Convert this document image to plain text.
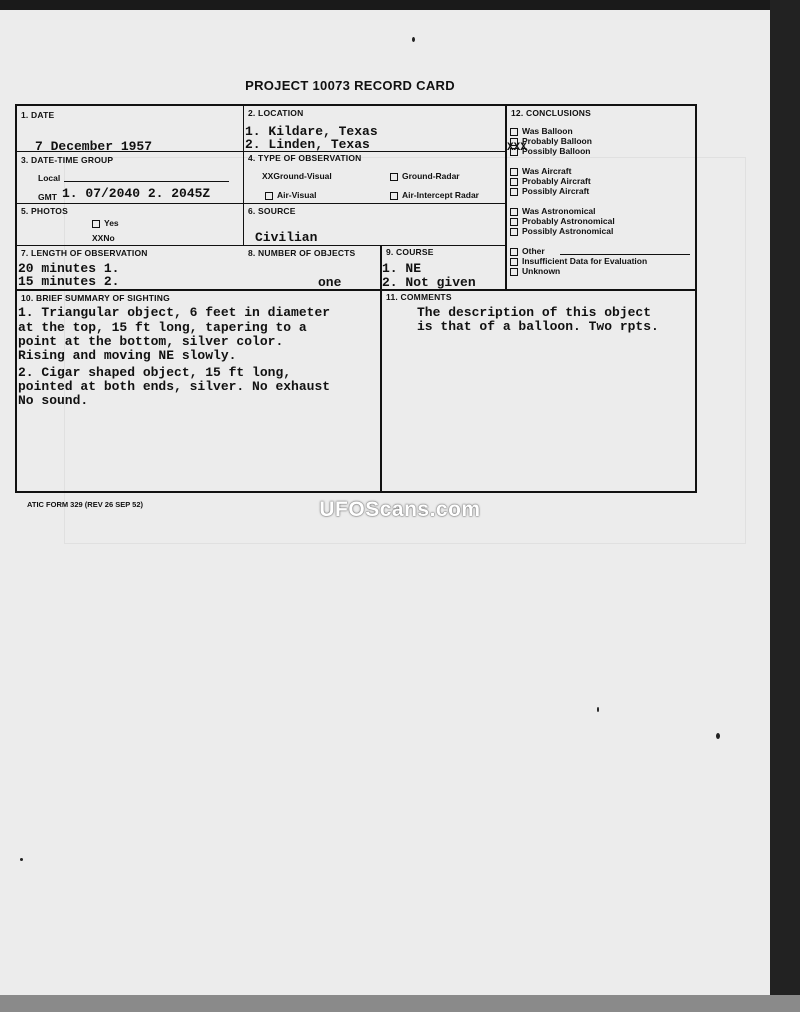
PROJECT 10073 RECORD CARD
1. DATE
7 December 1957
2. LOCATION
1. Kildare, Texas
2. Linden, Texas
3. DATE-TIME GROUP
Local
GMT 1. 07/2040 2. 2045Z
4. TYPE OF OBSERVATION
XXGround-Visual	Ground-Radar
Air-Visual	Air-Intercept Radar
5. PHOTOS
Yes
XXNo
6. SOURCE
Civilian
7. LENGTH OF OBSERVATION
20 minutes 1.
15 minutes 2.
8. NUMBER OF OBJECTS
one
9. COURSE
1. NE
2. Not given
10. BRIEF SUMMARY OF SIGHTING
1. Triangular object, 6 feet in diameter
at the top, 15 ft long, tapering to a
point at the bottom, silver color.
Rising and moving NE slowly.
2. Cigar shaped object, 15 ft long,
pointed at both ends, silver. No exhaust
No sound.
11. COMMENTS
The description of this object
is that of a balloon. Two rpts.
12. CONCLUSIONS
Was Balloon
Probably Balloon
Possibly Balloon
XXX
Was Aircraft
Probably Aircraft
Possibly Aircraft
Was Astronomical
Probably Astronomical
Possibly Astronomical
Other
Insufficient Data for Evaluation
Unknown
ATIC FORM 329 (REV 26 SEP 52)	UFOScans.com
